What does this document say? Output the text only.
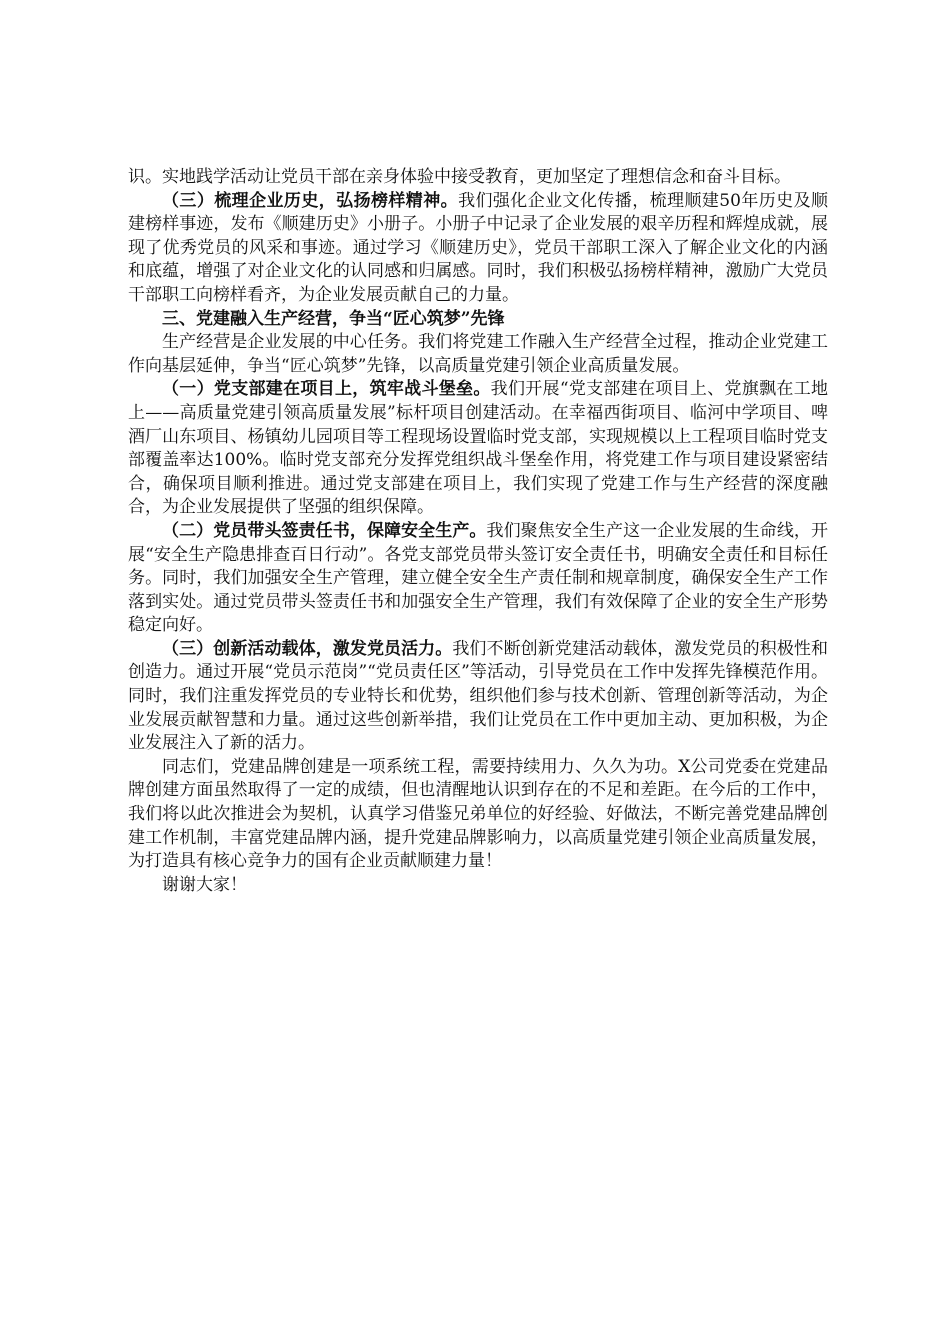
识。实地践学活动让党员干部在亲身体验中接受教育，更加坚定了理想信念和奋斗目标。

（三）梳理企业历史，弘扬榜样精神。我们强化企业文化传播，梳理顺建50年历史及顺建榜样事迹，发布《顺建历史》小册子。小册子中记录了企业发展的艰辛历程和辉煌成就，展现了优秀党员的风采和事迹。通过学习《顺建历史》，党员干部职工深入了解企业文化的内涵和底蕴，增强了对企业文化的认同感和归属感。同时，我们积极弘扬榜样精神，激励广大党员干部职工向榜样看齐，为企业发展贡献自己的力量。

三、党建融入生产经营，争当“匠心筑梦”先锋

生产经营是企业发展的中心任务。我们将党建工作融入生产经营全过程，推动企业党建工作向基层延伸，争当“匠心筑梦”先锋，以高质量党建引领企业高质量发展。

（一）党支部建在项目上，筑牢战斗堡垒。我们开展“党支部建在项目上、党旗飘在工地上——高质量党建引领高质量发展”标杆项目创建活动。在幸福西街项目、临河中学项目、啤酒厂山东项目、杨镇幼儿园项目等工程现场设置临时党支部，实现规模以上工程项目临时党支部覆盖率达100%。临时党支部充分发挥党组织战斗堡垒作用，将党建工作与项目建设紧密结合，确保项目顺利推进。通过党支部建在项目上，我们实现了党建工作与生产经营的深度融合，为企业发展提供了坚强的组织保障。

（二）党员带头签责任书，保障安全生产。我们聚焦安全生产这一企业发展的生命线，开展“安全生产隐患排查百日行动”。各党支部党员带头签订安全责任书，明确安全责任和目标任务。同时，我们加强安全生产管理，建立健全安全生产责任制和规章制度，确保安全生产工作落到实处。通过党员带头签责任书和加强安全生产管理，我们有效保障了企业的安全生产形势稳定向好。

（三）创新活动载体，激发党员活力。我们不断创新党建活动载体，激发党员的积极性和创造力。通过开展“党员示范岗”“党员责任区”等活动，引导党员在工作中发挥先锋模范作用。同时，我们注重发挥党员的专业特长和优势，组织他们参与技术创新、管理创新等活动，为企业发展贡献智慧和力量。通过这些创新举措，我们让党员在工作中更加主动、更加积极，为企业发展注入了新的活力。

同志们，党建品牌创建是一项系统工程，需要持续用力、久久为功。X公司党委在党建品牌创建方面虽然取得了一定的成绩，但也清醒地认识到存在的不足和差距。在今后的工作中，我们将以此次推进会为契机，认真学习借鉴兄弟单位的好经验、好做法，不断完善党建品牌创建工作机制，丰富党建品牌内涵，提升党建品牌影响力，以高质量党建引领企业高质量发展，为打造具有核心竞争力的国有企业贡献顺建力量！

谢谢大家！
